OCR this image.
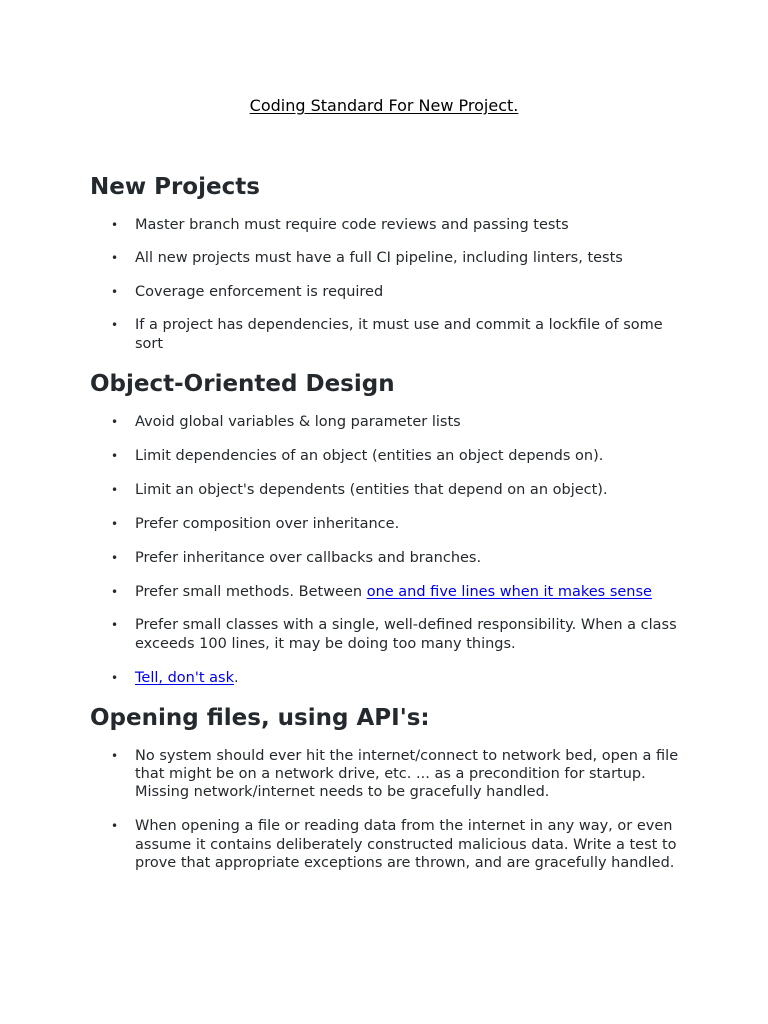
Coding Standard For New Project.
New Projects
• Master branch must require code reviews and passing tests
• All new projects must have a full CI pipeline, including linters, tests
• Coverage enforcement is required
• If a project has dependencies, it must use and commit a lockfile of some sort
Object-Oriented Design
• Avoid global variables & long parameter lists
• Limit dependencies of an object (entities an object depends on).
• Limit an object's dependents (entities that depend on an object).
• Prefer composition over inheritance.
• Prefer inheritance over callbacks and branches.
• Prefer small methods. Between one and five lines when it makes sense
• Prefer small classes with a single, well-defined responsibility. When a class exceeds 100 lines, it may be doing too many things.
• Tell, don't ask.
Opening files, using API's:
• No system should ever hit the internet/connect to network bed, open a file that might be on a network drive, etc. ... as a precondition for startup. Missing network/internet needs to be gracefully handled.
• When opening a file or reading data from the internet in any way, or even assume it contains deliberately constructed malicious data. Write a test to prove that appropriate exceptions are thrown, and are gracefully handled.
